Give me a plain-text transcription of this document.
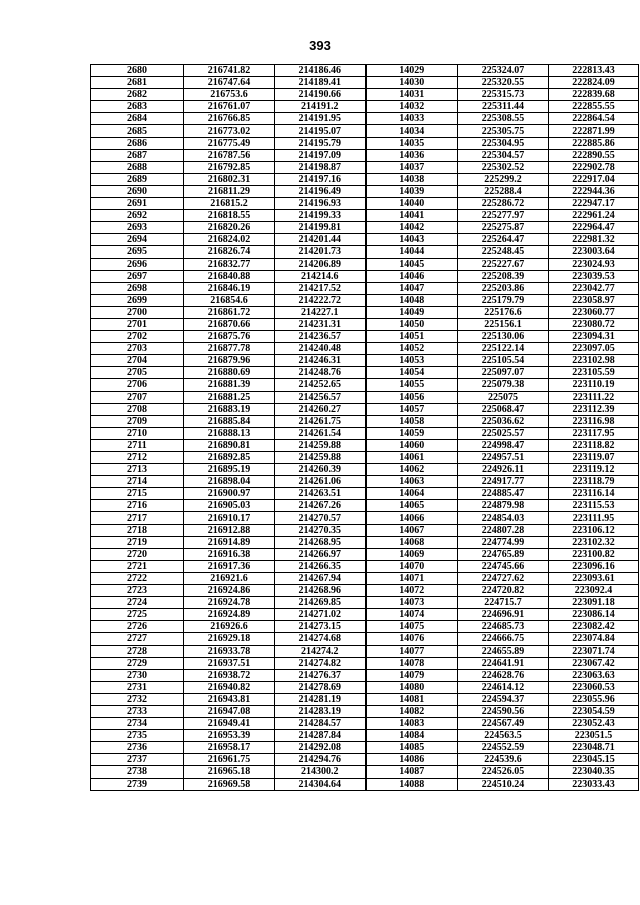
393
2680	216741.82	214186.46	14029	225324.07	222813.43
2681	216747.64	214189.41	14030	225320.55	222824.09
2682	216753.6	214190.66	14031	225315.73	222839.68
2683	216761.07	214191.2	14032	225311.44	222855.55
2684	216766.85	214191.95	14033	225308.55	222864.54
2685	216773.02	214195.07	14034	225305.75	222871.99
2686	216775.49	214195.79	14035	225304.95	222885.86
2687	216787.56	214197.09	14036	225304.57	222890.55
2688	216792.85	214198.87	14037	225302.52	222902.78
2689	216802.31	214197.16	14038	225299.2	222917.04
2690	216811.29	214196.49	14039	225288.4	222944.36
2691	216815.2	214196.93	14040	225286.72	222947.17
2692	216818.55	214199.33	14041	225277.97	222961.24
2693	216820.26	214199.81	14042	225275.87	222964.47
2694	216824.02	214201.44	14043	225264.47	222981.32
2695	216826.74	214201.73	14044	225248.45	223003.64
2696	216832.77	214206.89	14045	225227.67	223024.93
2697	216840.88	214214.6	14046	225208.39	223039.53
2698	216846.19	214217.52	14047	225203.86	223042.77
2699	216854.6	214222.72	14048	225179.79	223058.97
2700	216861.72	214227.1	14049	225176.6	223060.77
2701	216870.66	214231.31	14050	225156.1	223080.72
2702	216875.76	214236.57	14051	225130.06	223094.31
2703	216877.78	214240.48	14052	225122.14	223097.05
2704	216879.96	214246.31	14053	225105.54	223102.98
2705	216880.69	214248.76	14054	225097.07	223105.59
2706	216881.39	214252.65	14055	225079.38	223110.19
2707	216881.25	214256.57	14056	225075	223111.22
2708	216883.19	214260.27	14057	225068.47	223112.39
2709	216885.84	214261.75	14058	225036.62	223116.98
2710	216888.13	214261.54	14059	225025.57	223117.95
2711	216890.81	214259.88	14060	224998.47	223118.82
2712	216892.85	214259.88	14061	224957.51	223119.07
2713	216895.19	214260.39	14062	224926.11	223119.12
2714	216898.04	214261.06	14063	224917.77	223118.79
2715	216900.97	214263.51	14064	224885.47	223116.14
2716	216905.03	214267.26	14065	224879.98	223115.53
2717	216910.17	214270.57	14066	224854.03	223111.95
2718	216912.88	214270.35	14067	224807.28	223106.12
2719	216914.89	214268.95	14068	224774.99	223102.32
2720	216916.38	214266.97	14069	224765.89	223100.82
2721	216917.36	214266.35	14070	224745.66	223096.16
2722	216921.6	214267.94	14071	224727.62	223093.61
2723	216924.86	214268.96	14072	224720.82	223092.4
2724	216924.78	214269.85	14073	224715.7	223091.18
2725	216924.89	214271.02	14074	224696.91	223086.14
2726	216926.6	214273.15	14075	224685.73	223082.42
2727	216929.18	214274.68	14076	224666.75	223074.84
2728	216933.78	214274.2	14077	224655.89	223071.74
2729	216937.51	214274.82	14078	224641.91	223067.42
2730	216938.72	214276.37	14079	224628.76	223063.63
2731	216940.82	214278.69	14080	224614.12	223060.53
2732	216943.81	214281.19	14081	224594.37	223055.96
2733	216947.08	214283.19	14082	224590.56	223054.59
2734	216949.41	214284.57	14083	224567.49	223052.43
2735	216953.39	214287.84	14084	224563.5	223051.5
2736	216958.17	214292.08	14085	224552.59	223048.71
2737	216961.75	214294.76	14086	224539.6	223045.15
2738	216965.18	214300.2	14087	224526.05	223040.35
2739	216969.58	214304.64	14088	224510.24	223033.43
